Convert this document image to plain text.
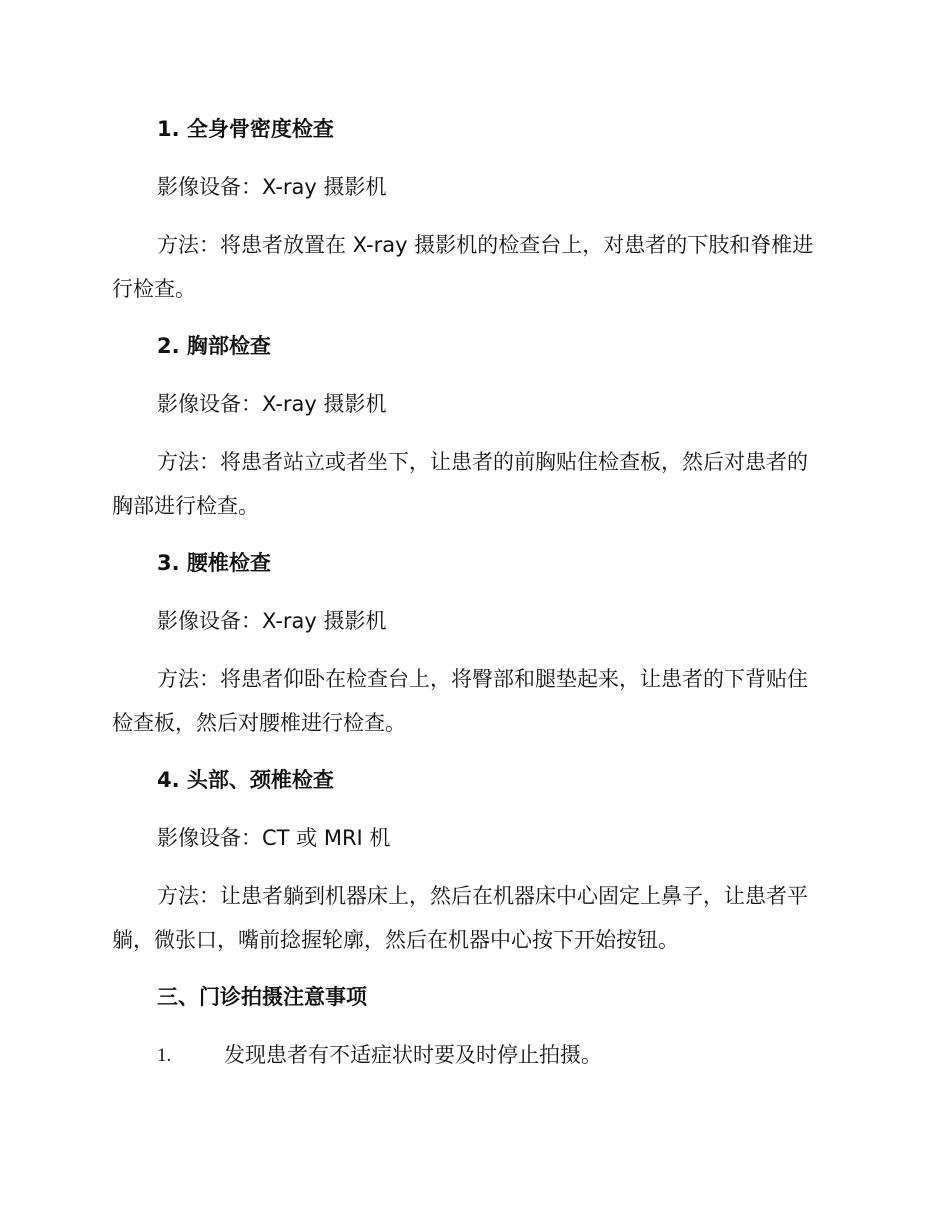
1. 全身骨密度检查
影像设备：X-ray 摄影机
方法：将患者放置在 X-ray 摄影机的检查台上，对患者的下肢和脊椎进
行检查。
2. 胸部检查
影像设备：X-ray 摄影机
方法：将患者站立或者坐下，让患者的前胸贴住检查板，然后对患者的
胸部进行检查。
3. 腰椎检查
影像设备：X-ray 摄影机
方法：将患者仰卧在检查台上，将臀部和腿垫起来，让患者的下背贴住
检查板，然后对腰椎进行检查。
4. 头部、颈椎检查
影像设备：CT 或 MRI 机
方法：让患者躺到机器床上，然后在机器床中心固定上鼻子，让患者平
躺，微张口，嘴前捻握轮廓，然后在机器中心按下开始按钮。
三、门诊拍摄注意事项
1.	发现患者有不适症状时要及时停止拍摄。
